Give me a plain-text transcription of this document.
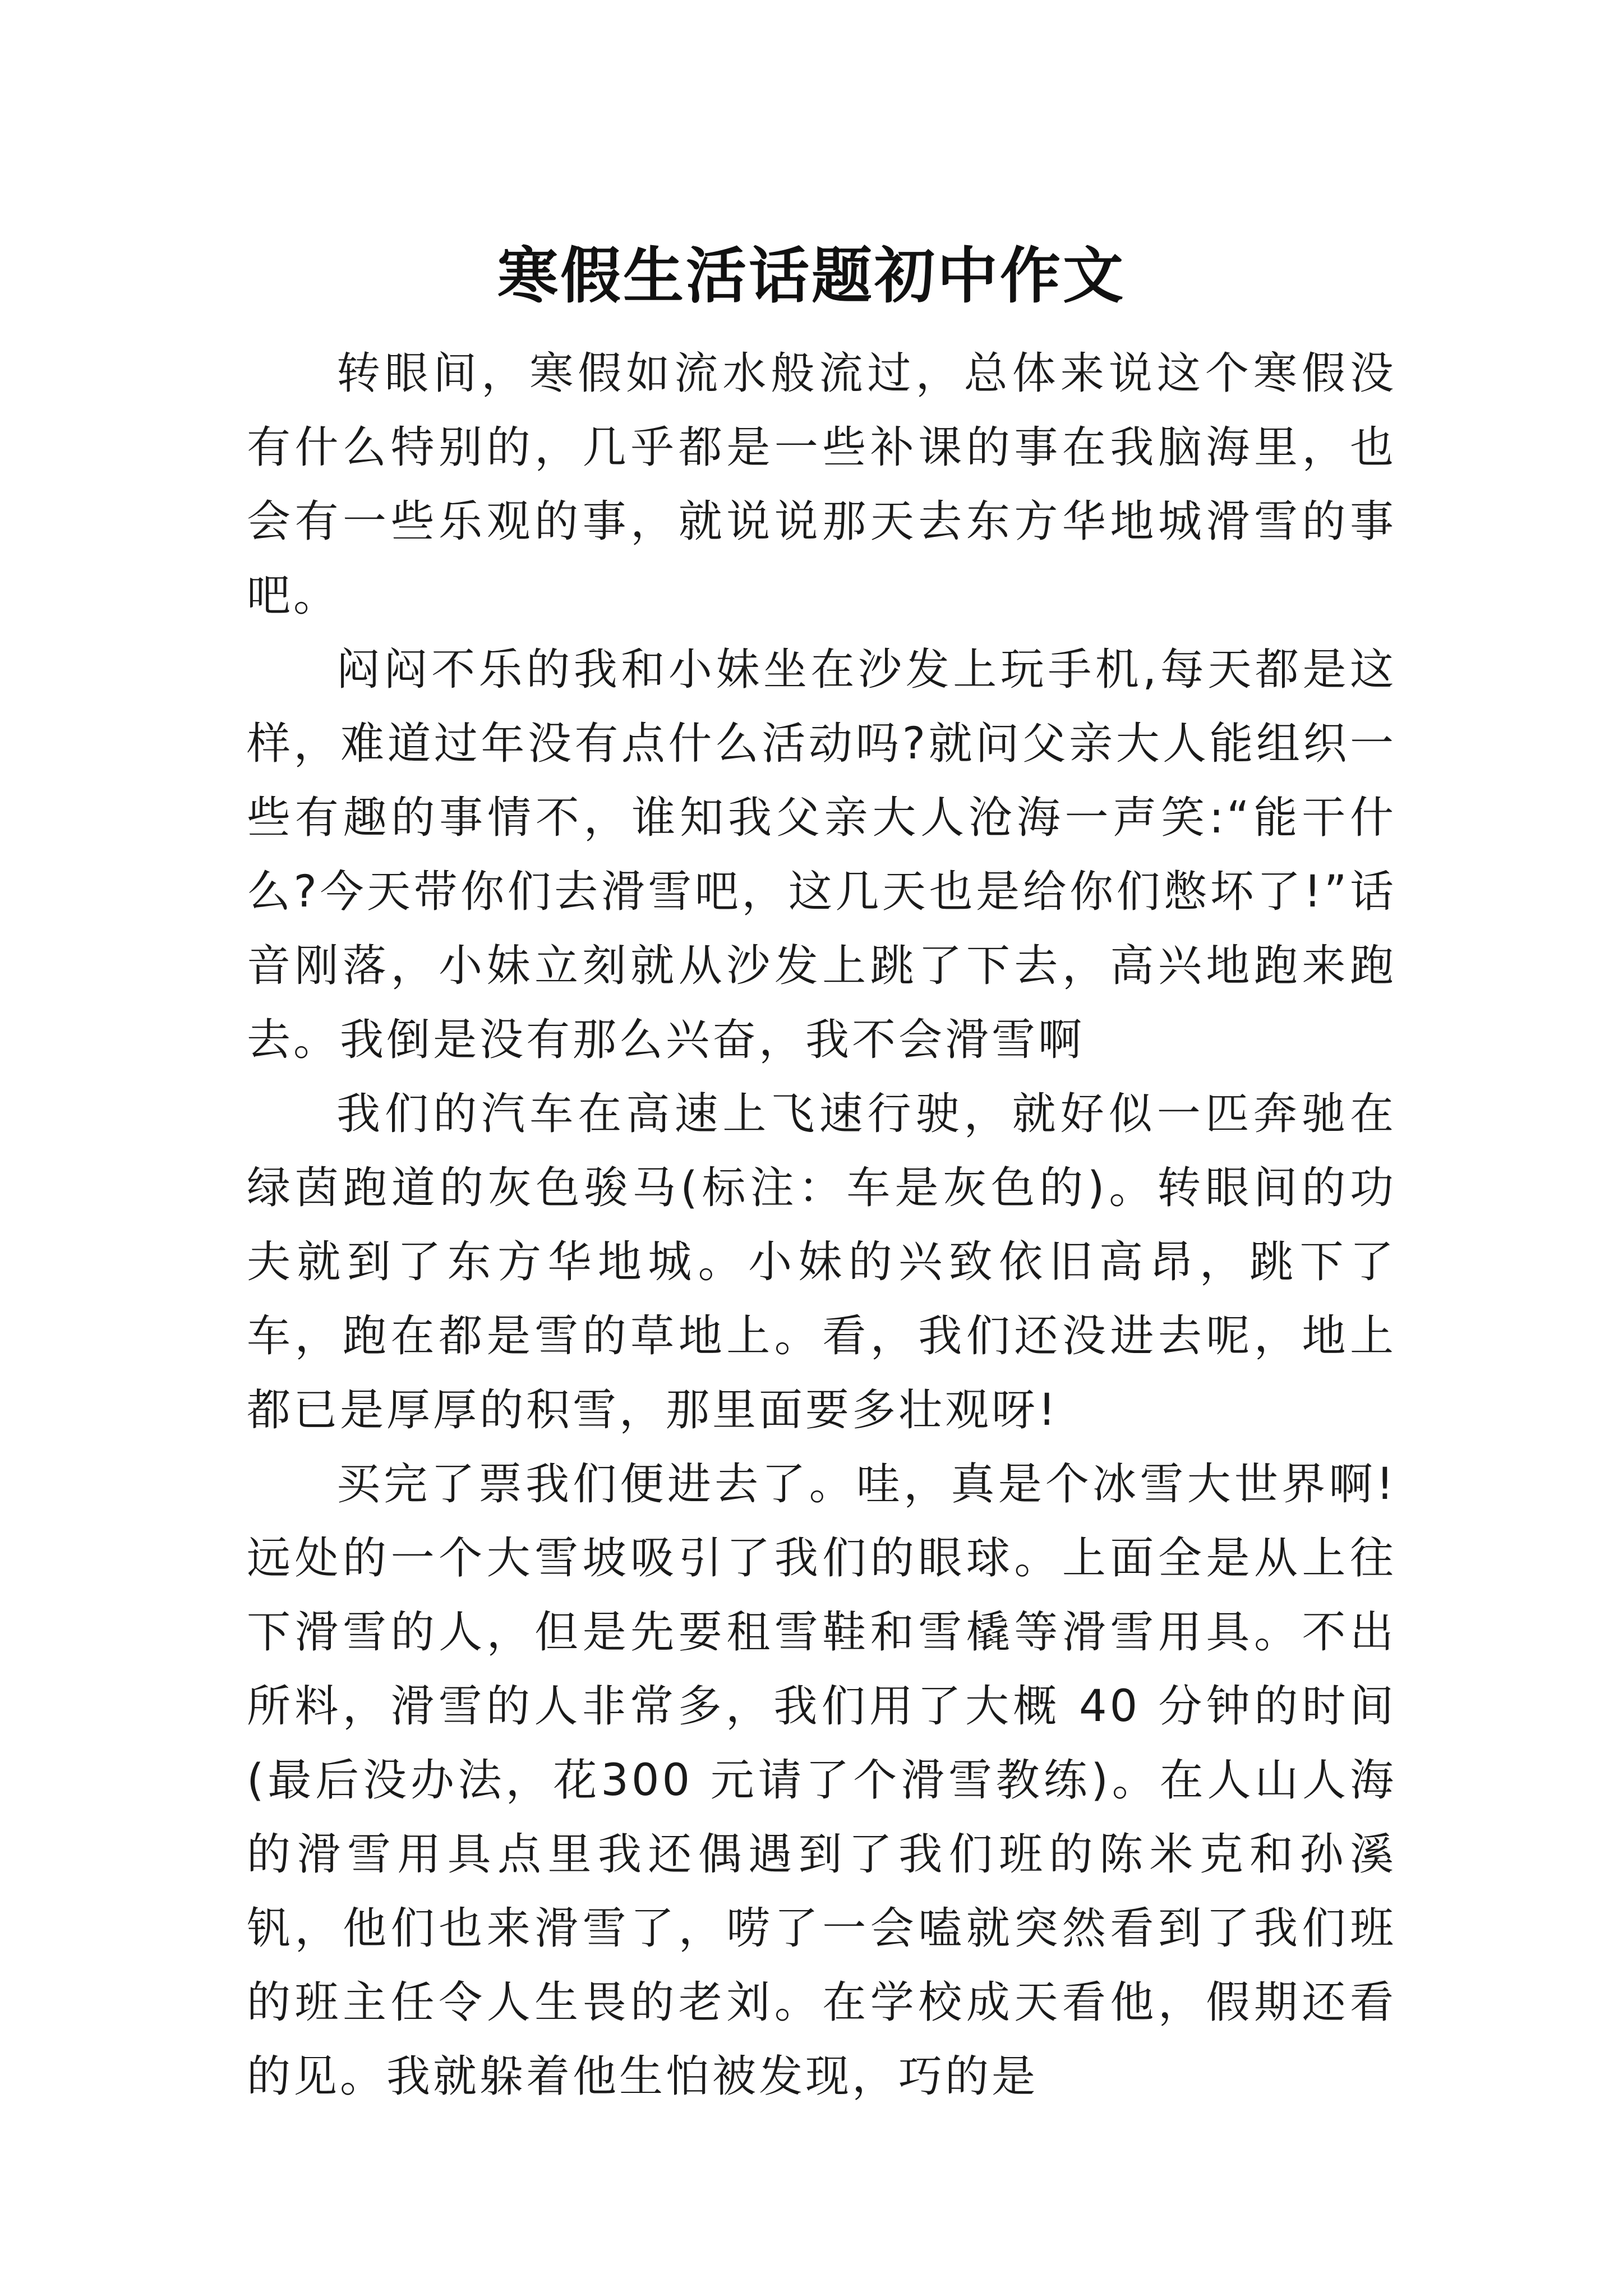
寒假生活话题初中作文

转眼间，寒假如流水般流过，总体来说这个寒假没有什么特别的，几乎都是一些补课的事在我脑海里，也会有一些乐观的事，就说说那天去东方华地城滑雪的事吧。

闷闷不乐的我和小妹坐在沙发上玩手机,每天都是这样，难道过年没有点什么活动吗?就问父亲大人能组织一些有趣的事情不，谁知我父亲大人沧海一声笑:“能干什么?今天带你们去滑雪吧，这几天也是给你们憋坏了!”话音刚落，小妹立刻就从沙发上跳了下去，高兴地跑来跑去。我倒是没有那么兴奋，我不会滑雪啊

我们的汽车在高速上飞速行驶，就好似一匹奔驰在绿茵跑道的灰色骏马(标注：车是灰色的)。转眼间的功夫就到了东方华地城。小妹的兴致依旧高昂，跳下了车，跑在都是雪的草地上。看，我们还没进去呢，地上都已是厚厚的积雪，那里面要多壮观呀!

买完了票我们便进去了。哇，真是个冰雪大世界啊!远处的一个大雪坡吸引了我们的眼球。上面全是从上往下滑雪的人，但是先要租雪鞋和雪橇等滑雪用具。不出所料，滑雪的人非常多，我们用了大概 40 分钟的时间(最后没办法，花300 元请了个滑雪教练)。在人山人海的滑雪用具点里我还偶遇到了我们班的陈米克和孙溪钒，他们也来滑雪了，唠了一会嗑就突然看到了我们班的班主任令人生畏的老刘。在学校成天看他，假期还看的见。我就躲着他生怕被发现，巧的是
